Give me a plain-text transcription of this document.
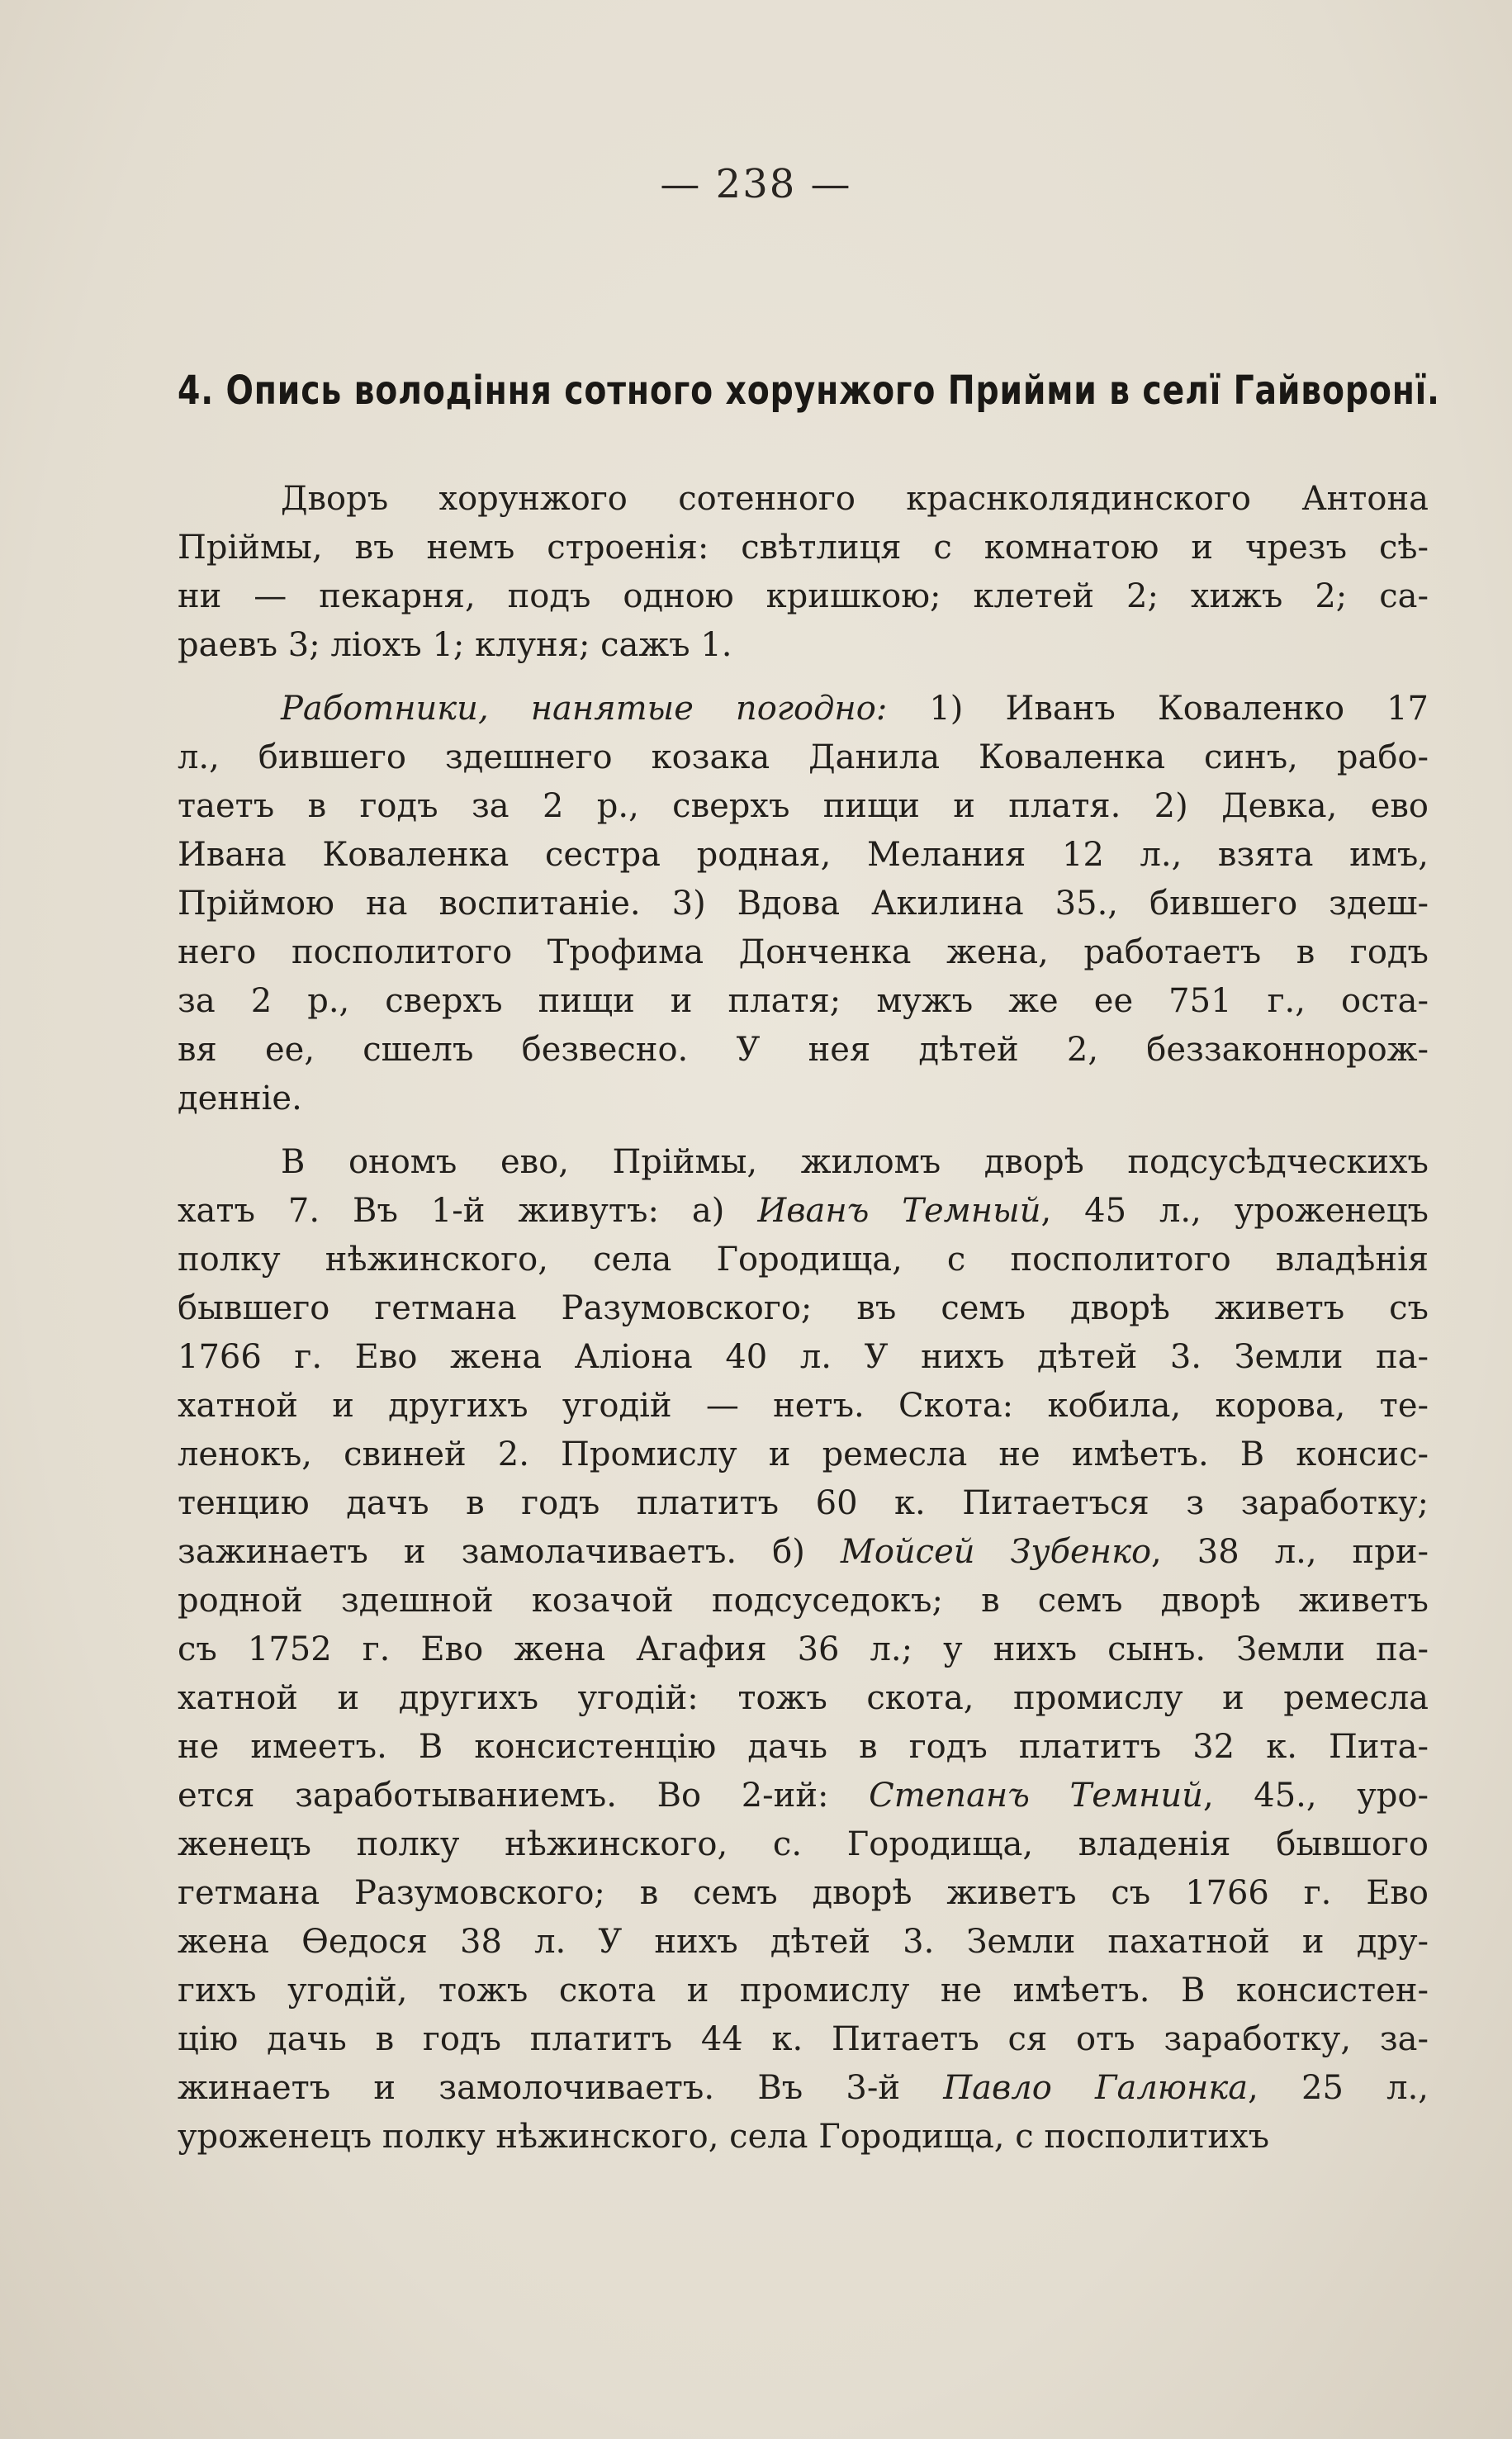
— 238 —
4. Опись володіння сотного хорунжого Прийми в селї Гайворонї.
Дворъ хорунжого сотенного краснколядинского Антона
Пріймы, въ немъ строенія: свѣтлиця с комнатою и чрезъ сѣ-
ни — пекарня, подъ одною кришкою; клетей 2; хижъ 2; са-
раевъ 3; ліохъ 1; клуня; сажъ 1.
Работники, нанятые погодно: 1) Иванъ Коваленко 17
л., бившего здешнего козака Данила Коваленка синъ, рабо-
таетъ в годъ за 2 р., сверхъ пищи и платя. 2) Девка, ево
Ивана Коваленка сестра родная, Мелания 12 л., взята имъ,
Пріймою на воспитаніе. 3) Вдова Акилина 35., бившего здеш-
него посполитого Трофима Донченка жена, работаетъ в годъ
за 2 р., сверхъ пищи и платя; мужъ же ее 751 г., оста-
вя ее, сшелъ безвесно. У нея дѣтей 2, беззаконнорож-
денніе.
В ономъ ево, Пріймы, жиломъ дворѣ подсусѣдческихъ
хатъ 7. Въ 1-й живутъ: а) Иванъ Темный, 45 л., уроженецъ
полку нѣжинского, села Городища, с посполитого владѣнія
бывшего гетмана Разумовского; въ семъ дворѣ живетъ съ
1766 г. Ево жена Аліона 40 л. У нихъ дѣтей 3. Земли па-
хатной и другихъ угодій — нетъ. Скота: кобила, корова, те-
ленокъ, свиней 2. Промислу и ремесла не имѣетъ. В консис-
тенцию дачъ в годъ платитъ 60 к. Питаетъся з заработку;
зажинаетъ и замолачиваетъ. б) Мойсей Зубенко, 38 л., при-
родной здешной козачой подсуседокъ; в семъ дворѣ живетъ
съ 1752 г. Ево жена Агафия 36 л.; у нихъ сынъ. Земли па-
хатной и другихъ угодій: тожъ скота, промислу и ремесла
не имеетъ. В консистенцію дачь в годъ платитъ 32 к. Пита-
ется заработываниемъ. Во 2-ий: Степанъ Темний, 45., уро-
женецъ полку нѣжинского, с. Городища, владенія бывшого
гетмана Разумовского; в семъ дворѣ живетъ съ 1766 г. Ево
жена Ѳедося 38 л. У нихъ дѣтей 3. Земли пахатной и дру-
гихъ угодій, тожъ скота и промислу не имѣетъ. В консистен-
цію дачь в годъ платитъ 44 к. Питаетъ ся отъ заработку, за-
жинаетъ и замолочиваетъ. Въ 3-й Павло Галюнка, 25 л.,
уроженецъ полку нѣжинского, села Городища, с посполитихъ
